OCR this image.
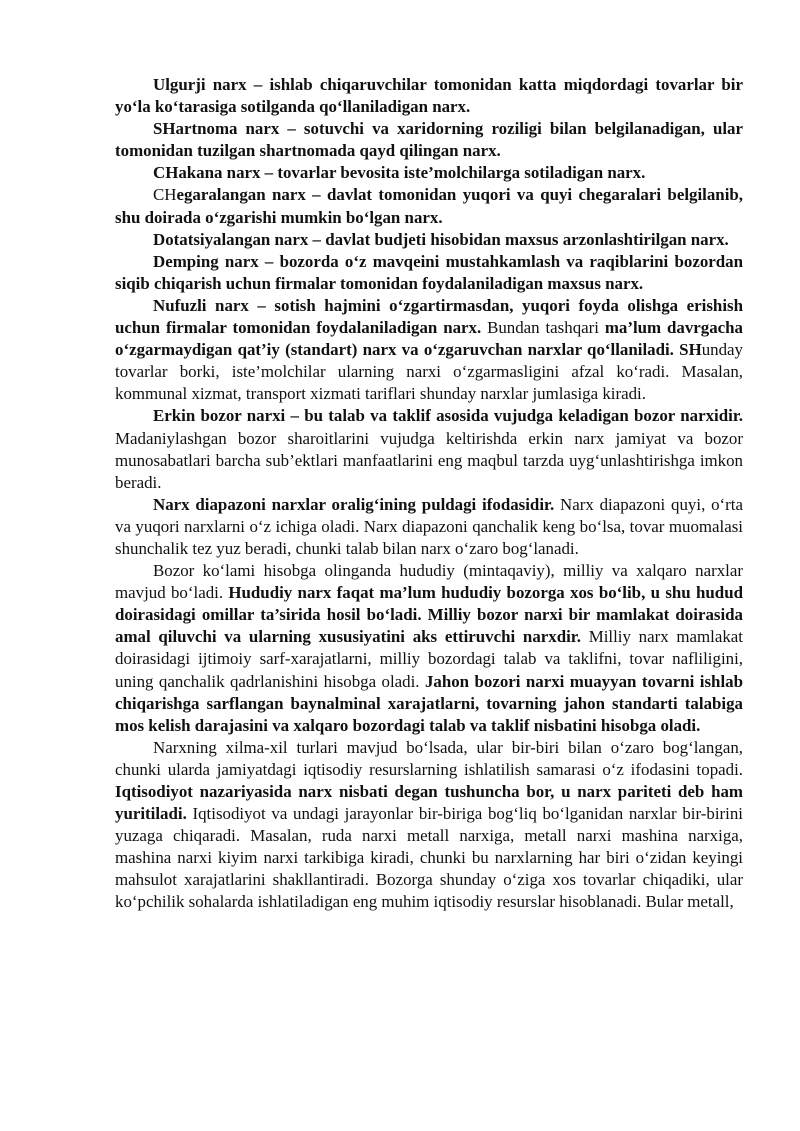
Ulgurji narx – ishlab chiqaruvchilar tomonidan katta miqdordagi tovarlar bir yo‘la ko‘tarasiga sotilganda qo‘llaniladigan narx.

SHartnoma narx – sotuvchi va xaridorning roziligi bilan belgilanadigan, ular tomonidan tuzilgan shartnomada qayd qilingan narx.

CHakana narx – tovarlar bevosita iste’molchilarga sotiladigan narx.

CHegaralangan narx – davlat tomonidan yuqori va quyi chegaralari belgilanib, shu doirada o‘zgarishi mumkin bo‘lgan narx.

Dotatsiyalangan narx – davlat budjeti hisobidan maxsus arzonlashtirilgan narx.

Demping narx – bozorda o‘z mavqeini mustahkamlash va raqiblarini bozordan siqib chiqarish uchun firmalar tomonidan foydalaniladigan maxsus narx.

Nufuzli narx – sotish hajmini o‘zgartirmasdan, yuqori foyda olishga erishish uchun firmalar tomonidan foydalaniladigan narx. Bundan tashqari ma’lum davrgacha o‘zgarmaydigan qat’iy (standart) narx va o‘zgaruvchan narxlar qo‘llaniladi. SHunday tovarlar borki, iste’molchilar ularning narxi o‘zgarmasligini afzal ko‘radi. Masalan, kommunal xizmat, transport xizmati tariflari shunday narxlar jumlasiga kiradi.

Erkin bozor narxi – bu talab va taklif asosida vujudga keladigan bozor narxidir. Madaniylashgan bozor sharoitlarini vujudga keltirishda erkin narx jamiyat va bozor munosabatlari barcha sub’ektlari manfaatlarini eng maqbul tarzda uyg‘unlashtirishga imkon beradi.

Narx diapazoni narxlar oralig‘ining puldagi ifodasidir. Narx diapazoni quyi, o‘rta va yuqori narxlarni o‘z ichiga oladi. Narx diapazoni qanchalik keng bo‘lsa, tovar muomalasi shunchalik tez yuz beradi, chunki talab bilan narx o‘zaro bog‘lanadi.

Bozor ko‘lami hisobga olinganda hududiy (mintaqaviy), milliy va xalqaro narxlar mavjud bo‘ladi. Hududiy narx faqat ma’lum hududiy bozorga xos bo‘lib, u shu hudud doirasidagi omillar ta’sirida hosil bo‘ladi. Milliy bozor narxi bir mamlakat doirasida amal qiluvchi va ularning xususiyatini aks ettiruvchi narxdir. Milliy narx mamlakat doirasidagi ijtimoiy sarf-xarajatlarni, milliy bozordagi talab va taklifni, tovar nafliligini, uning qanchalik qadrlanishini hisobga oladi. Jahon bozori narxi muayyan tovarni ishlab chiqarishga sarflangan baynalminal xarajatlarni, tovarning jahon standarti talabiga mos kelish darajasini va xalqaro bozordagi talab va taklif nisbatini hisobga oladi.

Narxning xilma-xil turlari mavjud bo‘lsada, ular bir-biri bilan o‘zaro bog‘langan, chunki ularda jamiyatdagi iqtisodiy resurslarning ishlatilish samarasi o‘z ifodasini topadi. Iqtisodiyot nazariyasida narx nisbati degan tushuncha bor, u narx pariteti deb ham yuritiladi. Iqtisodiyot va undagi jarayonlar bir-biriga bog‘liq bo‘lganidan narxlar bir-birini yuzaga chiqaradi. Masalan, ruda narxi metall narxiga, metall narxi mashina narxiga, mashina narxi kiyim narxi tarkibiga kiradi, chunki bu narxlarning har biri o‘zidan keyingi mahsulot xarajatlarini shakllantiradi. Bozorga shunday o‘ziga xos tovarlar chiqadiki, ular ko‘pchilik sohalarda ishlatiladigan eng muhim iqtisodiy resurslar hisoblanadi. Bular metall,
